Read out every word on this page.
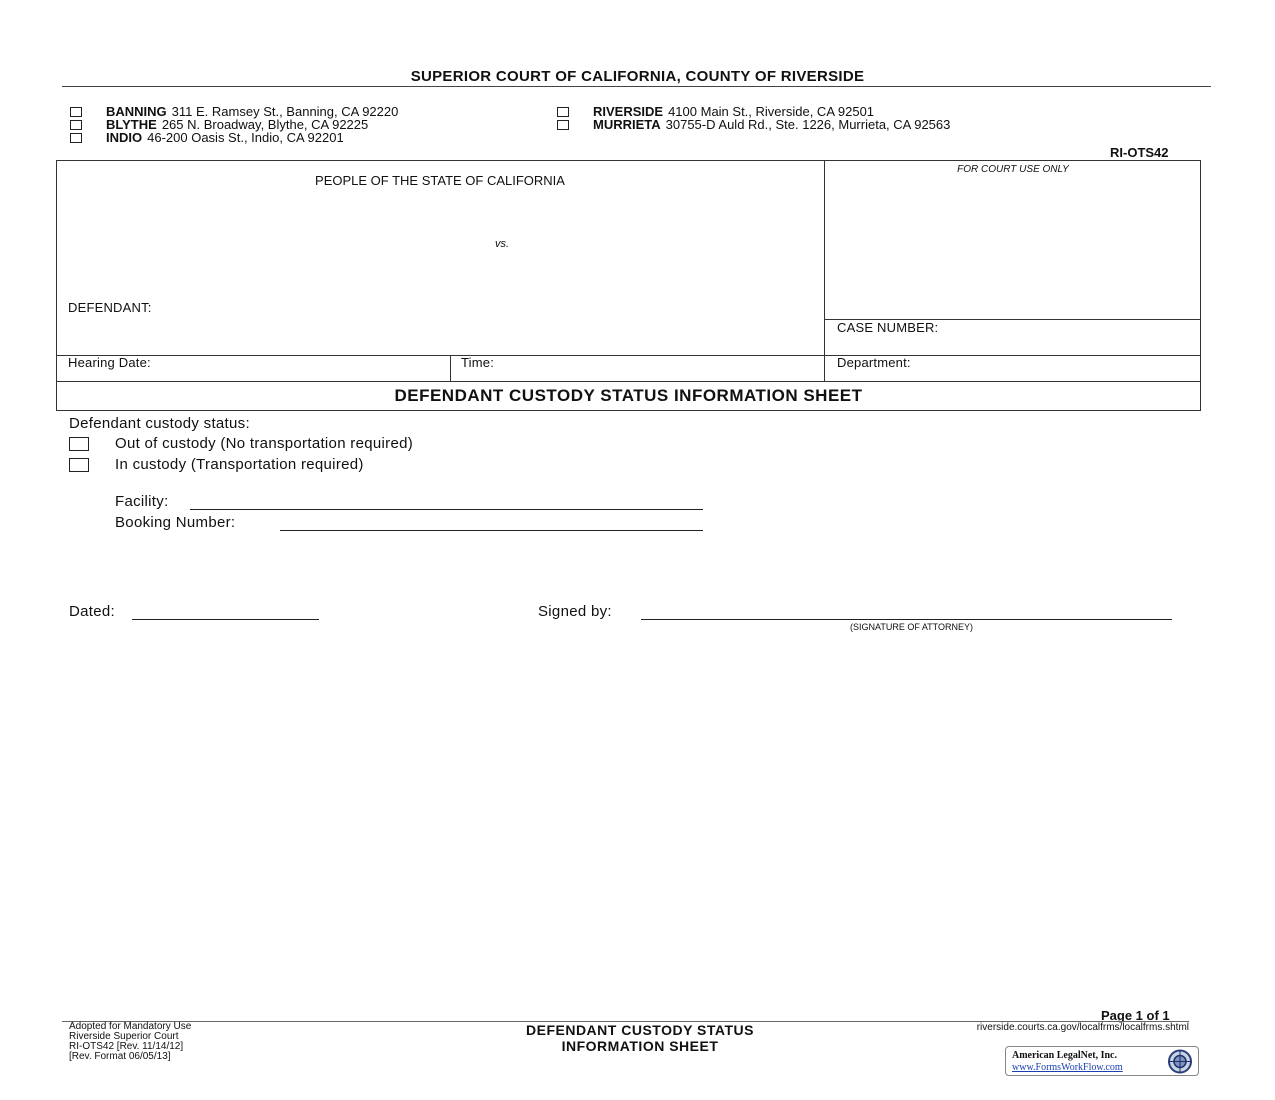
SUPERIOR COURT OF CALIFORNIA, COUNTY OF RIVERSIDE
BANNING 311 E. Ramsey St., Banning, CA 92220
BLYTHE 265 N. Broadway, Blythe, CA 92225
INDIO 46-200 Oasis St., Indio, CA 92201
RIVERSIDE 4100 Main St., Riverside, CA 92501
MURRIETA 30755-D Auld Rd., Ste. 1226, Murrieta, CA 92563
RI-OTS42
PEOPLE OF THE STATE OF CALIFORNIA
vs.
DEFENDANT:
FOR COURT USE ONLY
CASE NUMBER:
Hearing Date:	Time:	Department:
DEFENDANT CUSTODY STATUS INFORMATION SHEET
Defendant custody status:
Out of custody (No transportation required)
In custody (Transportation required)
Facility:
Booking Number:
Dated:	Signed by:
(SIGNATURE OF ATTORNEY)
Page 1 of 1
Adopted for Mandatory Use
Riverside Superior Court
RI-OTS42 [Rev. 11/14/12]
[Rev. Format 06/05/13]
DEFENDANT CUSTODY STATUS
INFORMATION SHEET
riverside.courts.ca.gov/localfrms/localfrms.shtml
American LegalNet, Inc.
www.FormsWorkFlow.com
